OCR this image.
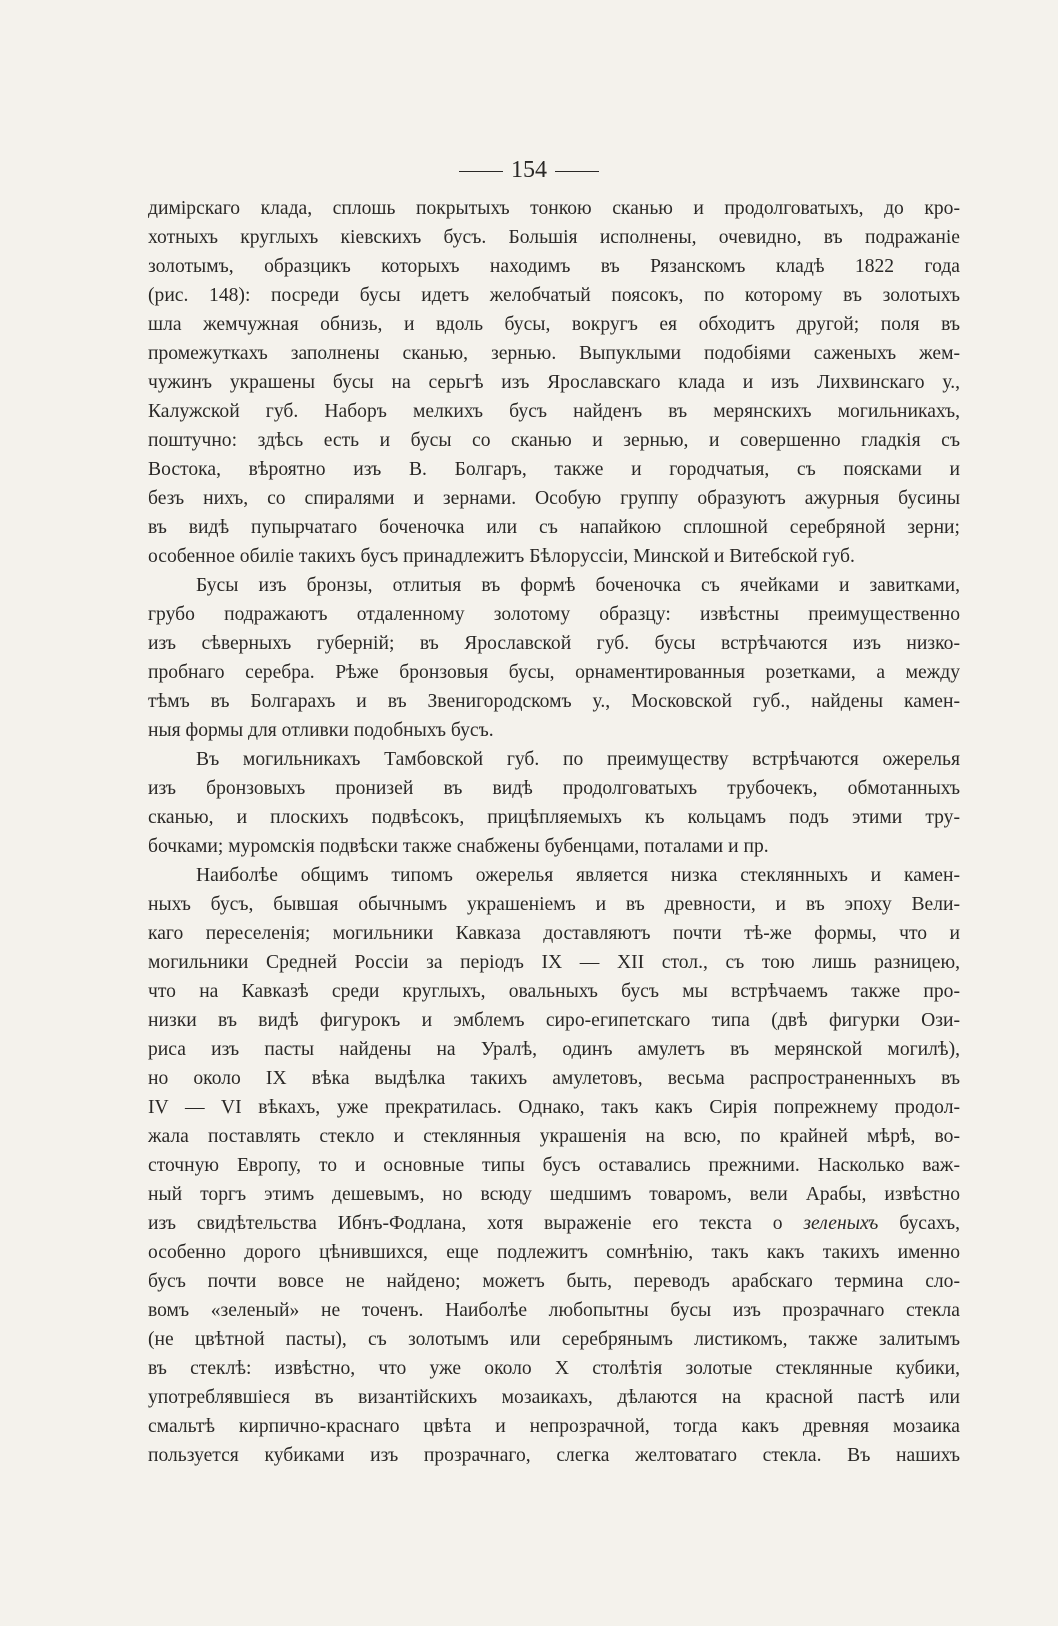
154
димірскаго клада, сплошь покрытыхъ тонкою сканью и продолговатыхъ, до кро-
хотныхъ круглыхъ кіевскихъ бусъ. Большія исполнены, очевидно, въ подражаніе
золотымъ, образцикъ которыхъ находимъ въ Рязанскомъ кладѣ 1822 года
(рис. 148): посреди бусы идетъ желобчатый поясокъ, по которому въ золотыхъ
шла жемчужная обнизь, и вдоль бусы, вокругъ ея обходитъ другой; поля въ
промежуткахъ заполнены сканью, зернью. Выпуклыми подобіями саженыхъ жем-
чужинъ украшены бусы на серьгѣ изъ Ярославскаго клада и изъ Лихвинскаго у.,
Калужской губ. Наборъ мелкихъ бусъ найденъ въ мерянскихъ могильникахъ,
поштучно: здѣсь есть и бусы со сканью и зернью, и совершенно гладкія съ
Востока, вѣроятно изъ В. Болгаръ, также и городчатыя, съ поясками и
безъ нихъ, со спиралями и зернами. Особую группу образуютъ ажурныя бусины
въ видѣ пупырчатаго боченочка или съ напайкою сплошной серебряной зерни;
особенное обиліе такихъ бусъ принадлежитъ Бѣлоруссіи, Минской и Витебской губ.
Бусы изъ бронзы, отлитыя въ формѣ боченочка съ ячейками и завитками,
грубо подражаютъ отдаленному золотому образцу: извѣстны преимущественно
изъ сѣверныхъ губерній; въ Ярославской губ. бусы встрѣчаются изъ низко-
пробнаго серебра. Рѣже бронзовыя бусы, орнаментированныя розетками, а между
тѣмъ въ Болгарахъ и въ Звенигородскомъ у., Московской губ., найдены камен-
ныя формы для отливки подобныхъ бусъ.
Въ могильникахъ Тамбовской губ. по преимуществу встрѣчаются ожерелья
изъ бронзовыхъ пронизей въ видѣ продолговатыхъ трубочекъ, обмотанныхъ
сканью, и плоскихъ подвѣсокъ, прицѣпляемыхъ къ кольцамъ подъ этими тру-
бочками; муромскія подвѣски также снабжены бубенцами, поталами и пр.
Наиболѣе общимъ типомъ ожерелья является низка стеклянныхъ и камен-
ныхъ бусъ, бывшая обычнымъ украшеніемъ и въ древности, и въ эпоху Вели-
каго переселенія; могильники Кавказа доставляютъ почти тѣ-же формы, что и
могильники Средней Россіи за періодъ IX — XII стол., съ тою лишь разницею,
что на Кавказѣ среди круглыхъ, овальныхъ бусъ мы встрѣчаемъ также про-
низки въ видѣ фигурокъ и эмблемъ сиро-египетскаго типа (двѣ фигурки Ози-
риса изъ пасты найдены на Уралѣ, одинъ амулетъ въ мерянской могилѣ),
но около IX вѣка выдѣлка такихъ амулетовъ, весьма распространенныхъ въ
IV — VI вѣкахъ, уже прекратилась. Однако, такъ какъ Сирія попрежнему продол-
жала поставлять стекло и стеклянныя украшенія на всю, по крайней мѣрѣ, во-
сточную Европу, то и основные типы бусъ оставались прежними. Насколько важ-
ный торгъ этимъ дешевымъ, но всюду шедшимъ товаромъ, вели Арабы, извѣстно
изъ свидѣтельства Ибнъ-Фодлана, хотя выраженіе его текста о зеленыхъ бусахъ,
особенно дорого цѣнившихся, еще подлежитъ сомнѣнію, такъ какъ такихъ именно
бусъ почти вовсе не найдено; можетъ быть, переводъ арабскаго термина сло-
вомъ «зеленый» не точенъ. Наиболѣе любопытны бусы изъ прозрачнаго стекла
(не цвѣтной пасты), съ золотымъ или серебрянымъ листикомъ, также залитымъ
въ стеклѣ: извѣстно, что уже около X столѣтія золотые стеклянные кубики,
употреблявшіеся въ византійскихъ мозаикахъ, дѣлаются на красной пастѣ или
смальтѣ кирпично-краснаго цвѣта и непрозрачной, тогда какъ древняя мозаика
пользуется кубиками изъ прозрачнаго, слегка желтоватаго стекла. Въ нашихъ
